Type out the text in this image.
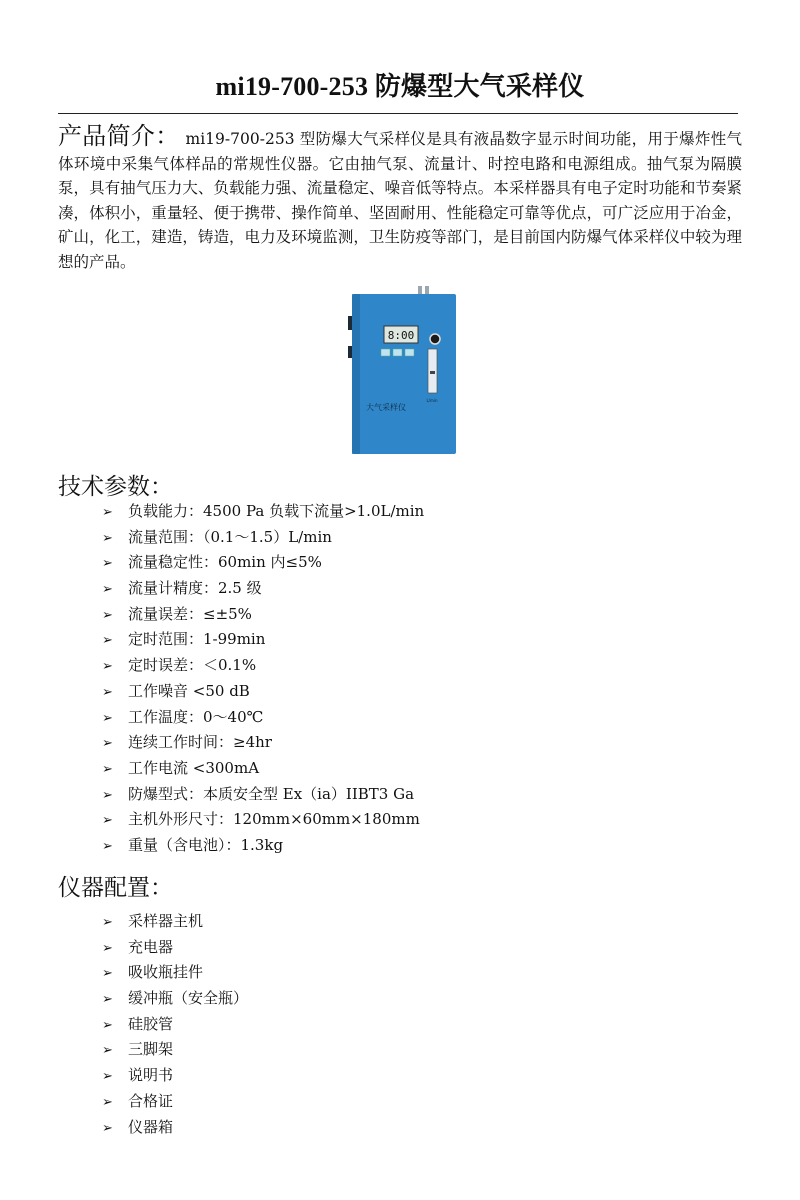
mi19-700-253 防爆型大气采样仪
产品简介： mi19-700-253 型防爆大气采样仪是具有液晶数字显示时间功能，用于爆炸性气体环境中采集气体样品的常规性仪器。它由抽气泵、流量计、时控电路和电源组成。抽气泵为隔膜泵，具有抽气压力大、负载能力强、流量稳定、噪音低等特点。本采样器具有电子定时功能和节奏紧凑，体积小，重量轻、便于携带、操作简单、坚固耐用、性能稳定可靠等优点，可广泛应用于冶金，矿山，化工，建造，铸造，电力及环境监测，卫生防疫等部门，是目前国内防爆气体采样仪中较为理想的产品。
8:00
L/min
大气采样仪
技术参数：
➢ 负载能力：4500 Pa 负载下流量>1.0L/min
➢ 流量范围：（0.1～1.5）L/min
➢ 流量稳定性：60min 内≤5%
➢ 流量计精度：2.5 级
➢ 流量误差：≤±5%
➢ 定时范围：1-99min
➢ 定时误差：＜0.1%
➢ 工作噪音 <50 dB
➢ 工作温度：0～40℃
➢ 连续工作时间：≥4hr
➢ 工作电流 <300mA
➢ 防爆型式：本质安全型 Ex（ia）IIBT3 Ga
➢ 主机外形尺寸：120mm×60mm×180mm
➢ 重量（含电池）：1.3kg
仪器配置：
➢ 采样器主机
➢ 充电器
➢ 吸收瓶挂件
➢ 缓冲瓶（安全瓶）
➢ 硅胶管
➢ 三脚架
➢ 说明书
➢ 合格证
➢ 仪器箱
